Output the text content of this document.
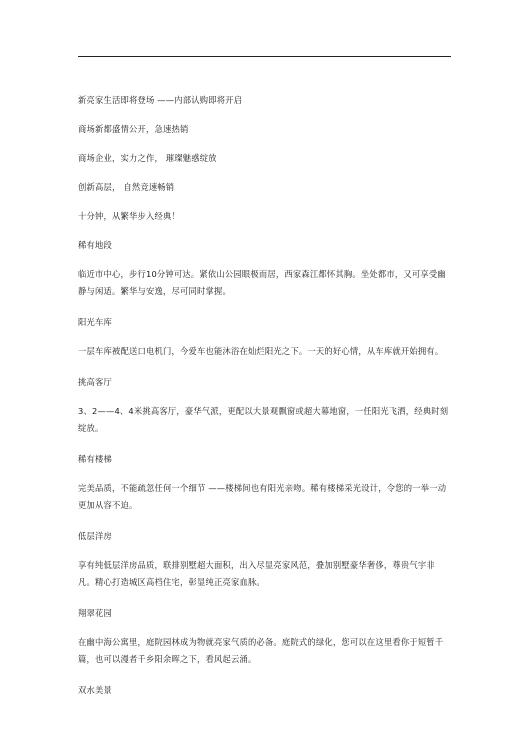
新亮家生活即将登场 ——内部认购即将开启

商场新都盛情公开，急速热销

商场企业，实力之作， 璀璨魅惑绽放

创新高层， 自然竞速畅销

十分钟，从繁华步入经典！

稀有地段

临近市中心，步行10分钟可达。紧依山公园眼极而居，西家森江都怀其胸。坐处都市，又可享受幽静与闲适。繁华与安逸，尽可同时掌握。

阳光车库

一层车库被配送口电机门，今爱车也能沐浴在灿烂阳光之下。一天的好心情，从车库就开始拥有。

挑高客厅

3、2——4、4米挑高客厅，豪华气派，更配以大景观飘窗或超大幕地窗，一任阳光飞洒，经典时刻绽放。

稀有楼梯

完美品质，不能疏忽任何一个细节 ——楼梯间也有阳光亲吻。稀有楼梯采光设计，令您的一举一动更加从容不迫。

低层洋房

享有纯低层洋房品质，联排别墅超大面积，出入尽显亮家风范，叠加别墅豪华奢侈，尊贵气宇非凡。精心打造城区高档住宅，彰显纯正亮家血脉。

翔翠花园

在幽中海公寓里，庭院园林成为物就亮家气质的必备。庭院式的绿化，您可以在这里看你于短暂千篇，也可以漫者千乡阳余晖之下，看风起云涌。

双水美景
